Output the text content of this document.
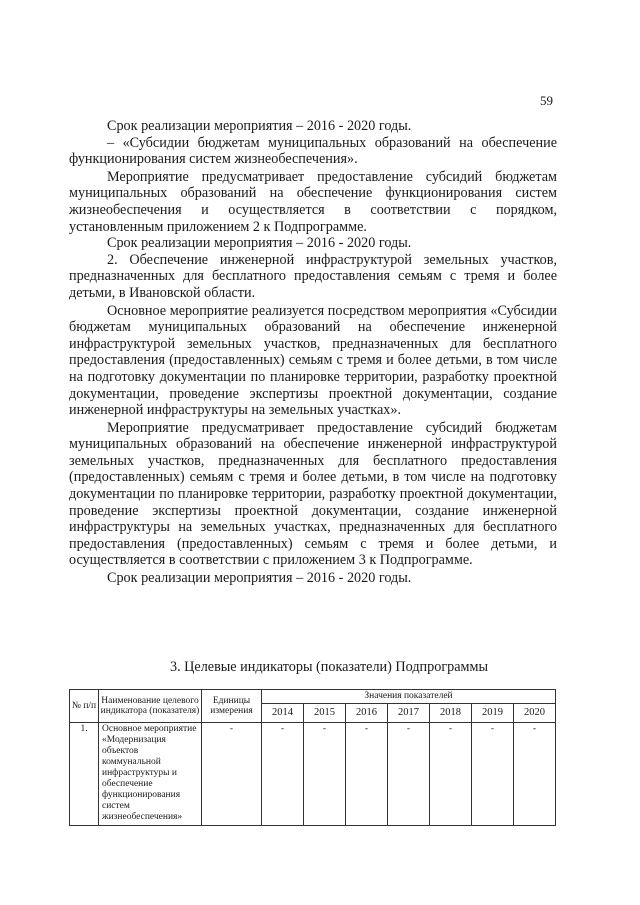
59

Срок реализации мероприятия – 2016 - 2020 годы.

– «Субсидии бюджетам муниципальных образований на обеспечение функционирования систем жизнеобеспечения».

Мероприятие предусматривает предоставление субсидий бюджетам муниципальных образований на обеспечение функционирования систем жизнеобеспечения и осуществляется в соответствии с порядком, установленным приложением 2 к Подпрограмме.

Срок реализации мероприятия – 2016 - 2020 годы.

2. Обеспечение инженерной инфраструктурой земельных участков, предназначенных для бесплатного предоставления семьям с тремя и более детьми, в Ивановской области.

Основное мероприятие реализуется посредством мероприятия «Субсидии бюджетам муниципальных образований на обеспечение инженерной инфраструктурой земельных участков, предназначенных для бесплатного предоставления (предоставленных) семьям с тремя и более детьми, в том числе на подготовку документации по планировке территории, разработку проектной документации, проведение экспертизы проектной документации, создание инженерной инфраструктуры на земельных участках».

Мероприятие предусматривает предоставление субсидий бюджетам муниципальных образований на обеспечение инженерной инфраструктурой земельных участков, предназначенных для бесплатного предоставления (предоставленных) семьям с тремя и более детьми, в том числе на подготовку документации по планировке территории, разработку проектной документации, проведение экспертизы проектной документации, создание инженерной инфраструктуры на земельных участках, предназначенных для бесплатного предоставления (предоставленных) семьям с тремя и более детьми, и осуществляется в соответствии с приложением 3 к Подпрограмме.

Срок реализации мероприятия – 2016 - 2020 годы.

3. Целевые индикаторы (показатели) Подпрограммы
№ п/п	Наименование целевого индикатора (показателя)	Единицы измерения	Значения показателей						
			2014	2015	2016	2017	2018	2019	2020
1.	Основное мероприятие «Модернизация объектов коммунальной инфраструктуры и обеспечение функционирования систем жизнеобеспечения»	-	-	-	-	-	-	-	-
